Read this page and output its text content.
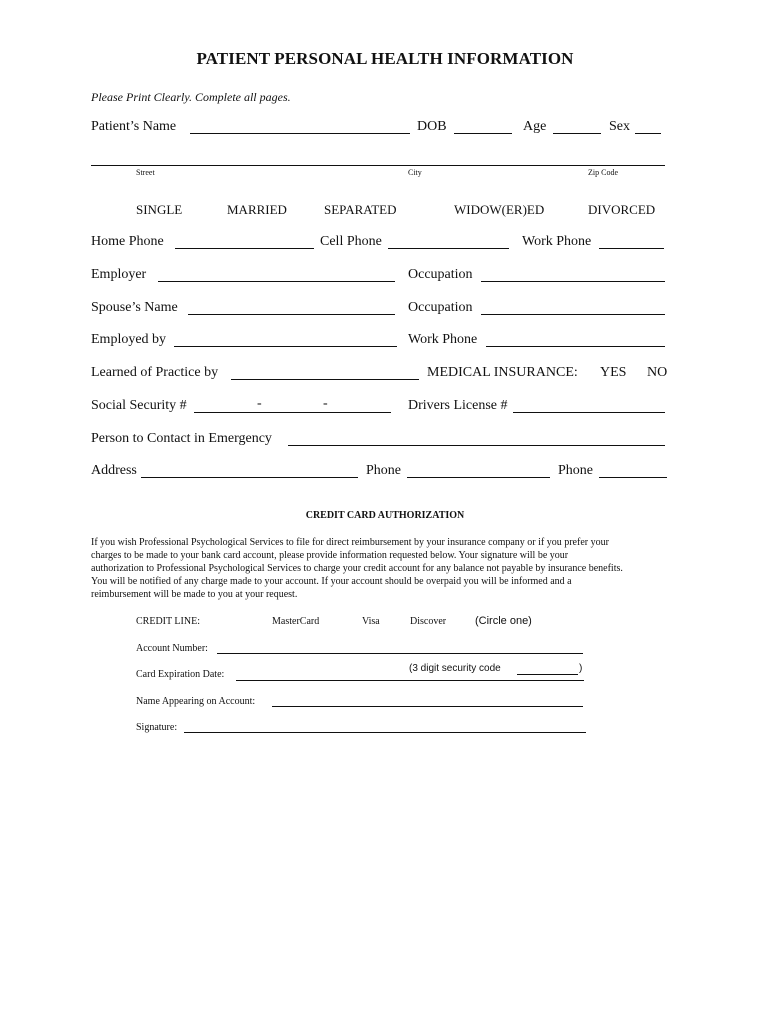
PATIENT PERSONAL HEALTH INFORMATION
Please Print Clearly. Complete all pages.
Patient’s Name	DOB	Age	Sex
Street	City	Zip Code
SINGLE	MARRIED	SEPARATED	WIDOW(ER)ED	DIVORCED
Home Phone	Cell Phone	Work Phone
Employer	Occupation
Spouse’s Name	Occupation
Employed by	Work Phone
Learned of Practice by	MEDICAL INSURANCE: YES NO
Social Security #	-	-	Drivers License #
Person to Contact in Emergency
Address	Phone	Phone
CREDIT CARD AUTHORIZATION
If you wish Professional Psychological Services to file for direct reimbursement by your insurance company or if you prefer your
charges to be made to your bank card account, please provide information requested below. Your signature will be your
authorization to Professional Psychological Services to charge your credit account for any balance not payable by insurance benefits.
You will be notified of any charge made to your account. If your account should be overpaid you will be informed and a
reimbursement will be made to you at your request.
CREDIT LINE:	MasterCard	Visa	Discover	(Circle one)
Account Number:
Card Expiration Date:
(3 digit security code	)
Name Appearing on Account:
Signature:
